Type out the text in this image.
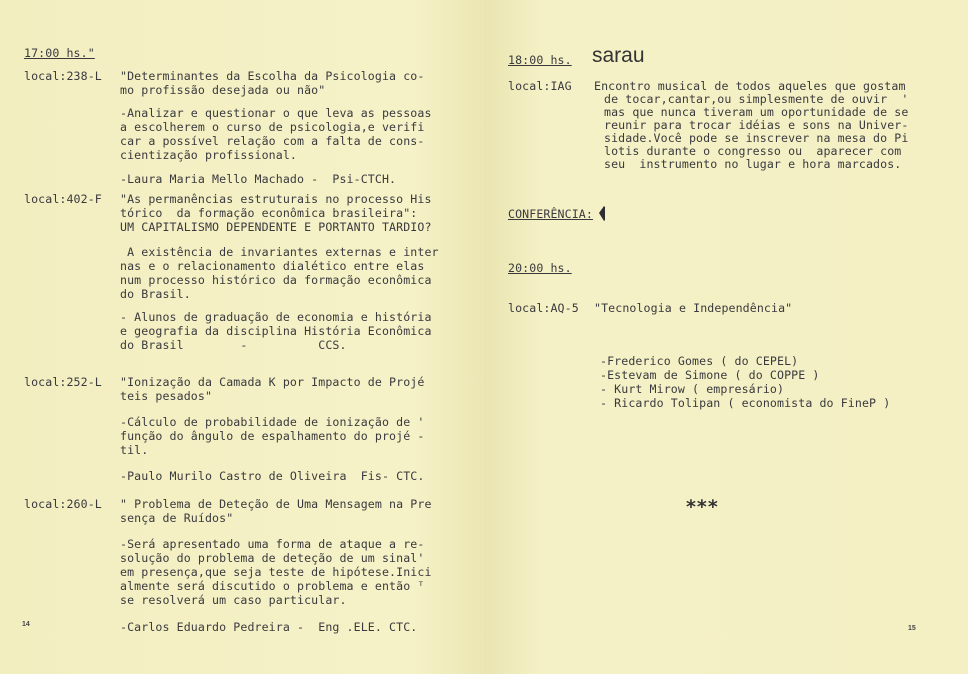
17:00 hs."
local:238-L "Determinantes da Escolha da Psicologia co-
mo profissão desejada ou não"
-Analizar e questionar o que leva as pessoas
a escolherem o curso de psicologia,e verifi
car a possível relação com a falta de cons-
cientização profissional.
-Laura Maria Mello Machado -  Psi-CTCH.
local:402-F "As permanências estruturais no processo His
tórico  da formação econômica brasileira":
UM CAPITALISMO DEPENDENTE E PORTANTO TARDIO?
A existência de invariantes externas e inter
nas e o relacionamento dialético entre elas
num processo histórico da formação econômica
do Brasil.
- Alunos de graduação de economia e história
e geografia da disciplina História Econômica
do Brasil        -          CCS.
local:252-L "Ionização da Camada K por Impacto de Projé
teis pesados"
-Cálculo de probabilidade de ionização de '
função do ângulo de espalhamento do projé -
til.
-Paulo Murilo Castro de Oliveira  Fis- CTC.
local:260-L " Problema de Deteção de Uma Mensagem na Pre
sença de Ruídos"
-Será apresentado uma forma de ataque a re-
solução do problema de deteção de um sinal'
em presença,que seja teste de hipótese.Inici
almente será discutido o problema e então ᵀ
se resolverá um caso particular.
-Carlos Eduardo Pedreira -  Eng .ELE. CTC.
14
18:00 hs. sarau
local:IAG Encontro musical de todos aqueles que gostam
de tocar,cantar,ou simplesmente de ouvir  '
mas que nunca tiveram um oportunidade de se
reunir para trocar idéias e sons na Univer-
sidade.Você pode se inscrever na mesa do Pi
lotis durante o congresso ou  aparecer com
seu  instrumento no lugar e hora marcados.
CONFERÊNCIA:
20:00 hs.
local:AQ-5 "Tecnologia e Independência"
-Frederico Gomes ( do CEPEL)
-Estevam de Simone ( do COPPE )
- Kurt Mirow ( empresário)
- Ricardo Tolipan ( economista do FineP )
***
15
